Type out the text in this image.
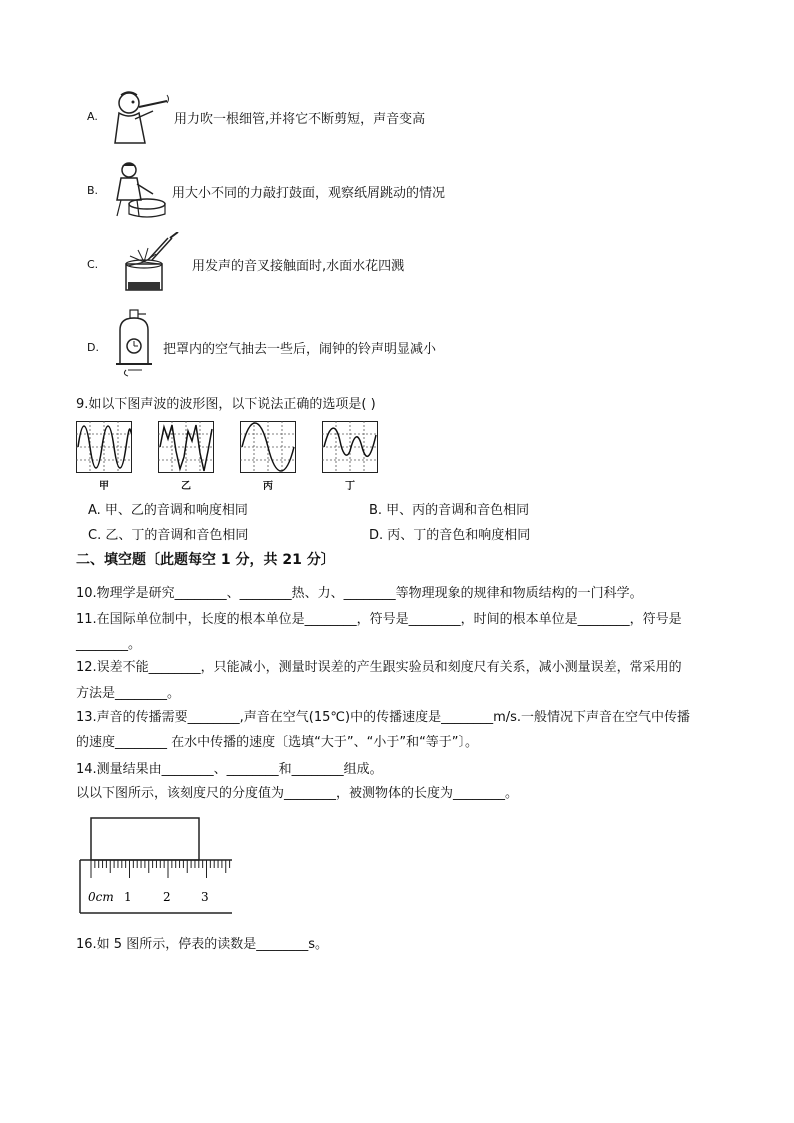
A.	用力吹一根细管,并将它不断剪短，声音变高
B.	用大小不同的力敲打鼓面，观察纸屑跳动的情况
C.	用发声的音叉接触面时,水面水花四溅
D.	把罩内的空气抽去一些后，闹钟的铃声明显减小
9.如以下图声波的波形图，以下说法正确的选项是( )
甲	乙	丙	丁
A. 甲、乙的音调和响度相同	B. 甲、丙的音调和音色相同
C. 乙、丁的音调和音色相同	D. 丙、丁的音色和响度相同
二、填空题〔此题每空 1 分，共 21 分〕
10.物理学是研究________、________热、力、________等物理现象的规律和物质结构的一门科学。
11.在国际单位制中，长度的根本单位是________，符号是________，时间的根本单位是________，符号是
________。
12.误差不能________，只能减小，测量时误差的产生跟实验员和刻度尺有关系，减小测量误差，常采用的
方法是________。
13.声音的传播需要________,声音在空气(15℃)中的传播速度是________m/s.一般情况下声音在空气中传播
的速度________ 在水中传播的速度〔选填“大于”、“小于”和“等于”〕。
14.测量结果由________、________和________组成。
以以下图所示，该刻度尺的分度值为________，被测物体的长度为________。
0cm 1	2	3
16.如 5 图所示，停表的读数是________s。
